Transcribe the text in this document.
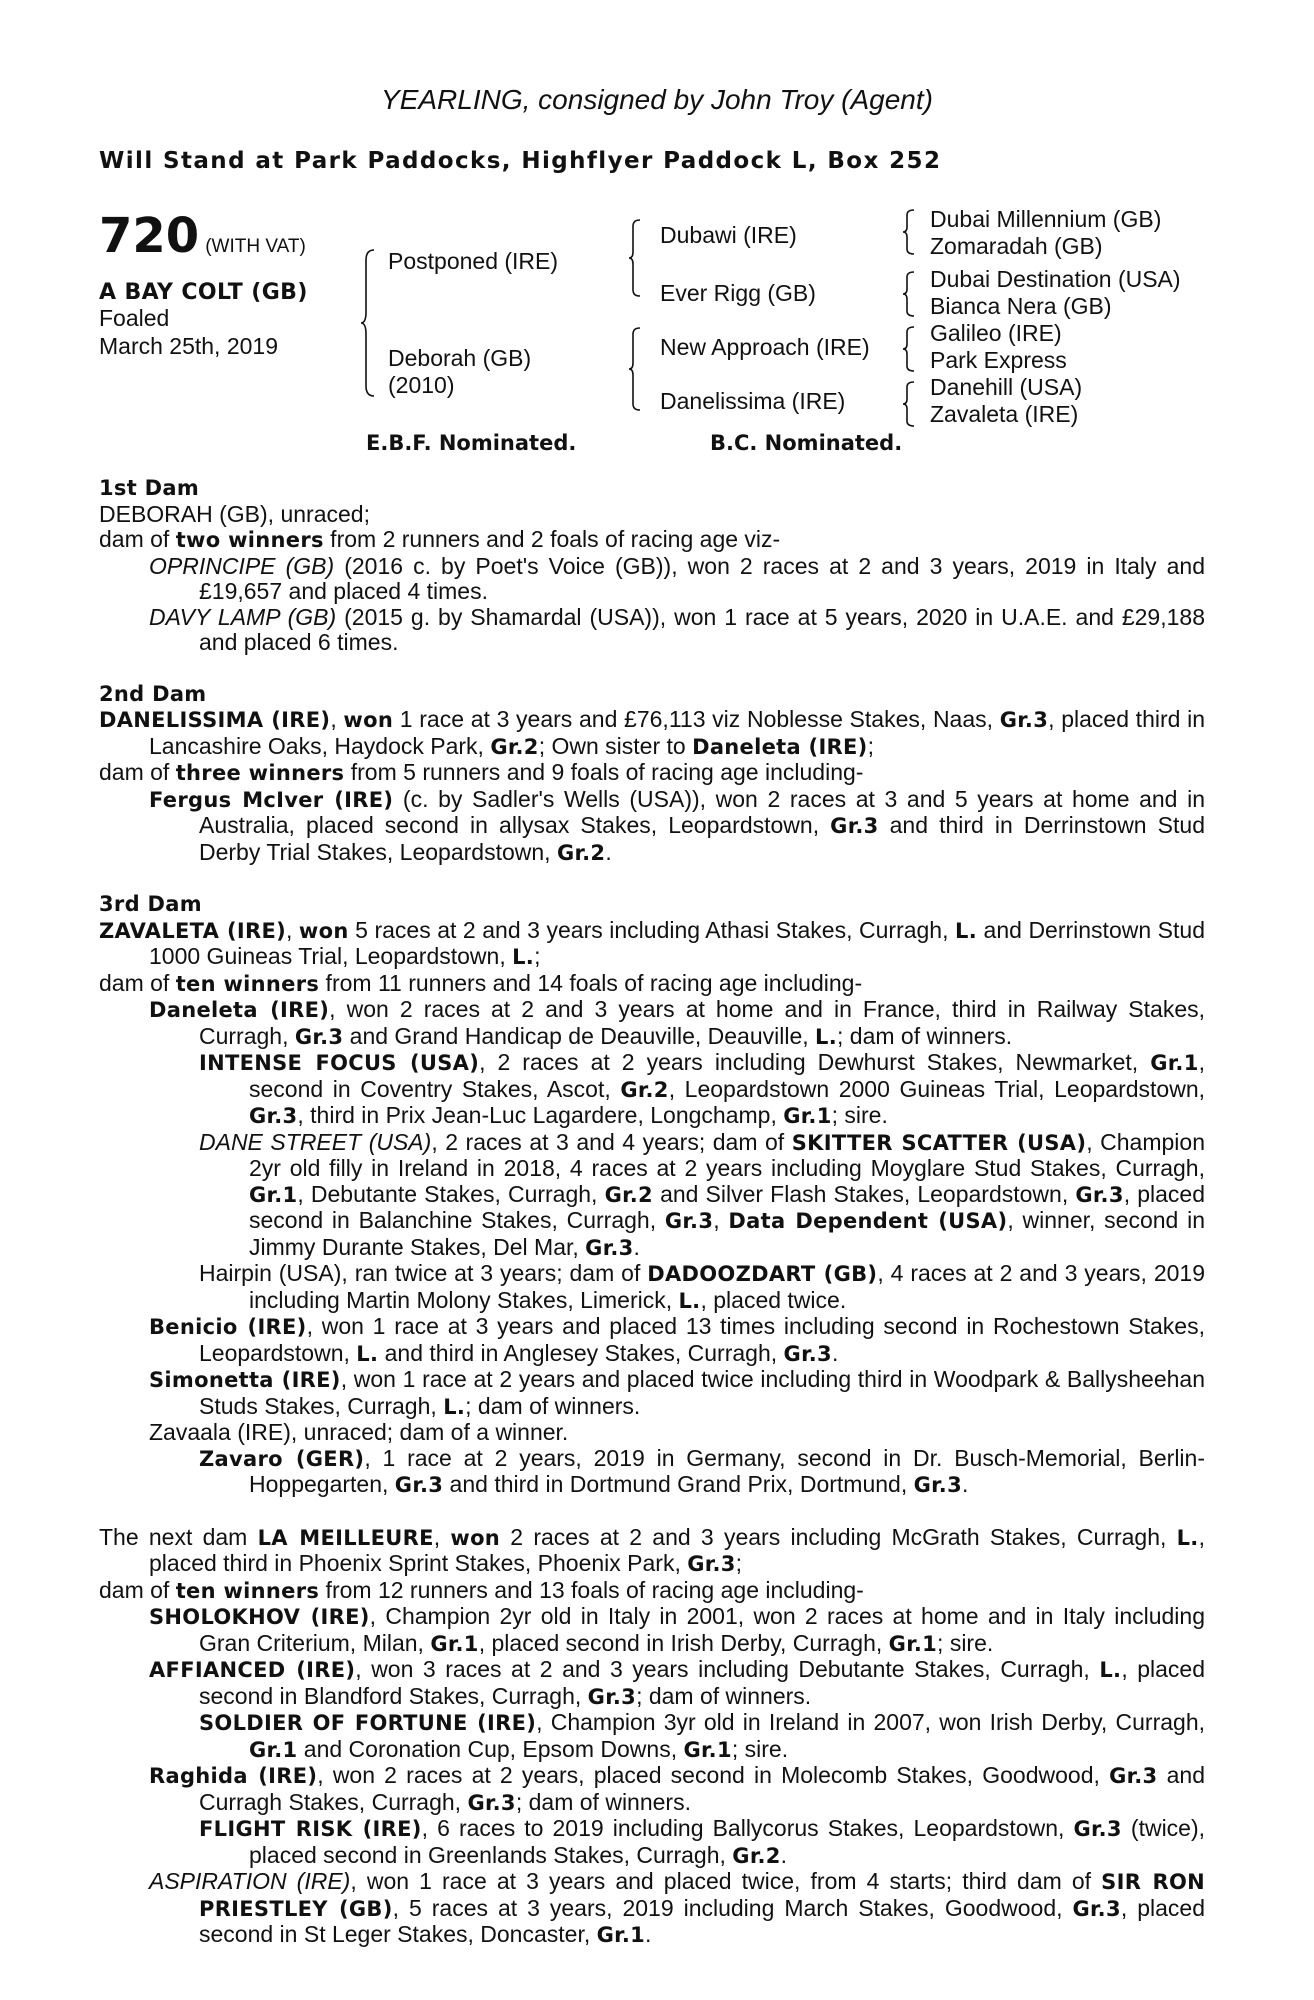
YEARLING, consigned by John Troy (Agent)
Will Stand at Park Paddocks, Highflyer Paddock L, Box 252
720 (WITH VAT)
A BAY COLT (GB)
Foaled
March 25th, 2019
Postponed (IRE)
Deborah (GB)
(2010)
Dubawi (IRE)
Ever Rigg (GB)
New Approach (IRE)
Danelissima (IRE)
Dubai Millennium (GB)
Zomaradah (GB)
Dubai Destination (USA)
Bianca Nera (GB)
Galileo (IRE)
Park Express
Danehill (USA)
Zavaleta (IRE)
E.B.F. Nominated.	B.C. Nominated.

1st Dam

DEBORAH (GB), unraced;

dam of two winners from 2 runners and 2 foals of racing age viz-

OPRINCIPE (GB) (2016 c. by Poet's Voice (GB)), won 2 races at 2 and 3 years, 2019 in Italy and £19,657 and placed 4 times.

DAVY LAMP (GB) (2015 g. by Shamardal (USA)), won 1 race at 5 years, 2020 in U.A.E. and £29,188 and placed 6 times.

2nd Dam

DANELISSIMA (IRE), won 1 race at 3 years and £76,113 viz Noblesse Stakes, Naas, Gr.3, placed third in Lancashire Oaks, Haydock Park, Gr.2; Own sister to Daneleta (IRE);

dam of three winners from 5 runners and 9 foals of racing age including-

Fergus McIver (IRE) (c. by Sadler's Wells (USA)), won 2 races at 3 and 5 years at home and in Australia, placed second in allysax Stakes, Leopardstown, Gr.3 and third in Derrinstown Stud Derby Trial Stakes, Leopardstown, Gr.2.

3rd Dam

ZAVALETA (IRE), won 5 races at 2 and 3 years including Athasi Stakes, Curragh, L. and Derrinstown Stud 1000 Guineas Trial, Leopardstown, L.;

dam of ten winners from 11 runners and 14 foals of racing age including-

Daneleta (IRE), won 2 races at 2 and 3 years at home and in France, third in Railway Stakes, Curragh, Gr.3 and Grand Handicap de Deauville, Deauville, L.; dam of winners.

INTENSE FOCUS (USA), 2 races at 2 years including Dewhurst Stakes, Newmarket, Gr.1, second in Coventry Stakes, Ascot, Gr.2, Leopardstown 2000 Guineas Trial, Leopardstown, Gr.3, third in Prix Jean-Luc Lagardere, Longchamp, Gr.1; sire.

DANE STREET (USA), 2 races at 3 and 4 years; dam of SKITTER SCATTER (USA), Champion 2yr old filly in Ireland in 2018, 4 races at 2 years including Moyglare Stud Stakes, Curragh, Gr.1, Debutante Stakes, Curragh, Gr.2 and Silver Flash Stakes, Leopardstown, Gr.3, placed second in Balanchine Stakes, Curragh, Gr.3, Data Dependent (USA), winner, second in Jimmy Durante Stakes, Del Mar, Gr.3.

Hairpin (USA), ran twice at 3 years; dam of DADOOZDART (GB), 4 races at 2 and 3 years, 2019 including Martin Molony Stakes, Limerick, L., placed twice.

Benicio (IRE), won 1 race at 3 years and placed 13 times including second in Rochestown Stakes, Leopardstown, L. and third in Anglesey Stakes, Curragh, Gr.3.

Simonetta (IRE), won 1 race at 2 years and placed twice including third in Woodpark & Ballysheehan Studs Stakes, Curragh, L.; dam of winners.

Zavaala (IRE), unraced; dam of a winner.

Zavaro (GER), 1 race at 2 years, 2019 in Germany, second in Dr. Busch-Memorial, Berlin-Hoppegarten, Gr.3 and third in Dortmund Grand Prix, Dortmund, Gr.3.

The next dam LA MEILLEURE, won 2 races at 2 and 3 years including McGrath Stakes, Curragh, L., placed third in Phoenix Sprint Stakes, Phoenix Park, Gr.3;

dam of ten winners from 12 runners and 13 foals of racing age including-

SHOLOKHOV (IRE), Champion 2yr old in Italy in 2001, won 2 races at home and in Italy including Gran Criterium, Milan, Gr.1, placed second in Irish Derby, Curragh, Gr.1; sire.

AFFIANCED (IRE), won 3 races at 2 and 3 years including Debutante Stakes, Curragh, L., placed second in Blandford Stakes, Curragh, Gr.3; dam of winners.

SOLDIER OF FORTUNE (IRE), Champion 3yr old in Ireland in 2007, won Irish Derby, Curragh, Gr.1 and Coronation Cup, Epsom Downs, Gr.1; sire.

Raghida (IRE), won 2 races at 2 years, placed second in Molecomb Stakes, Goodwood, Gr.3 and Curragh Stakes, Curragh, Gr.3; dam of winners.

FLIGHT RISK (IRE), 6 races to 2019 including Ballycorus Stakes, Leopardstown, Gr.3 (twice), placed second in Greenlands Stakes, Curragh, Gr.2.

ASPIRATION (IRE), won 1 race at 3 years and placed twice, from 4 starts; third dam of SIR RON PRIESTLEY (GB), 5 races at 3 years, 2019 including March Stakes, Goodwood, Gr.3, placed second in St Leger Stakes, Doncaster, Gr.1.
